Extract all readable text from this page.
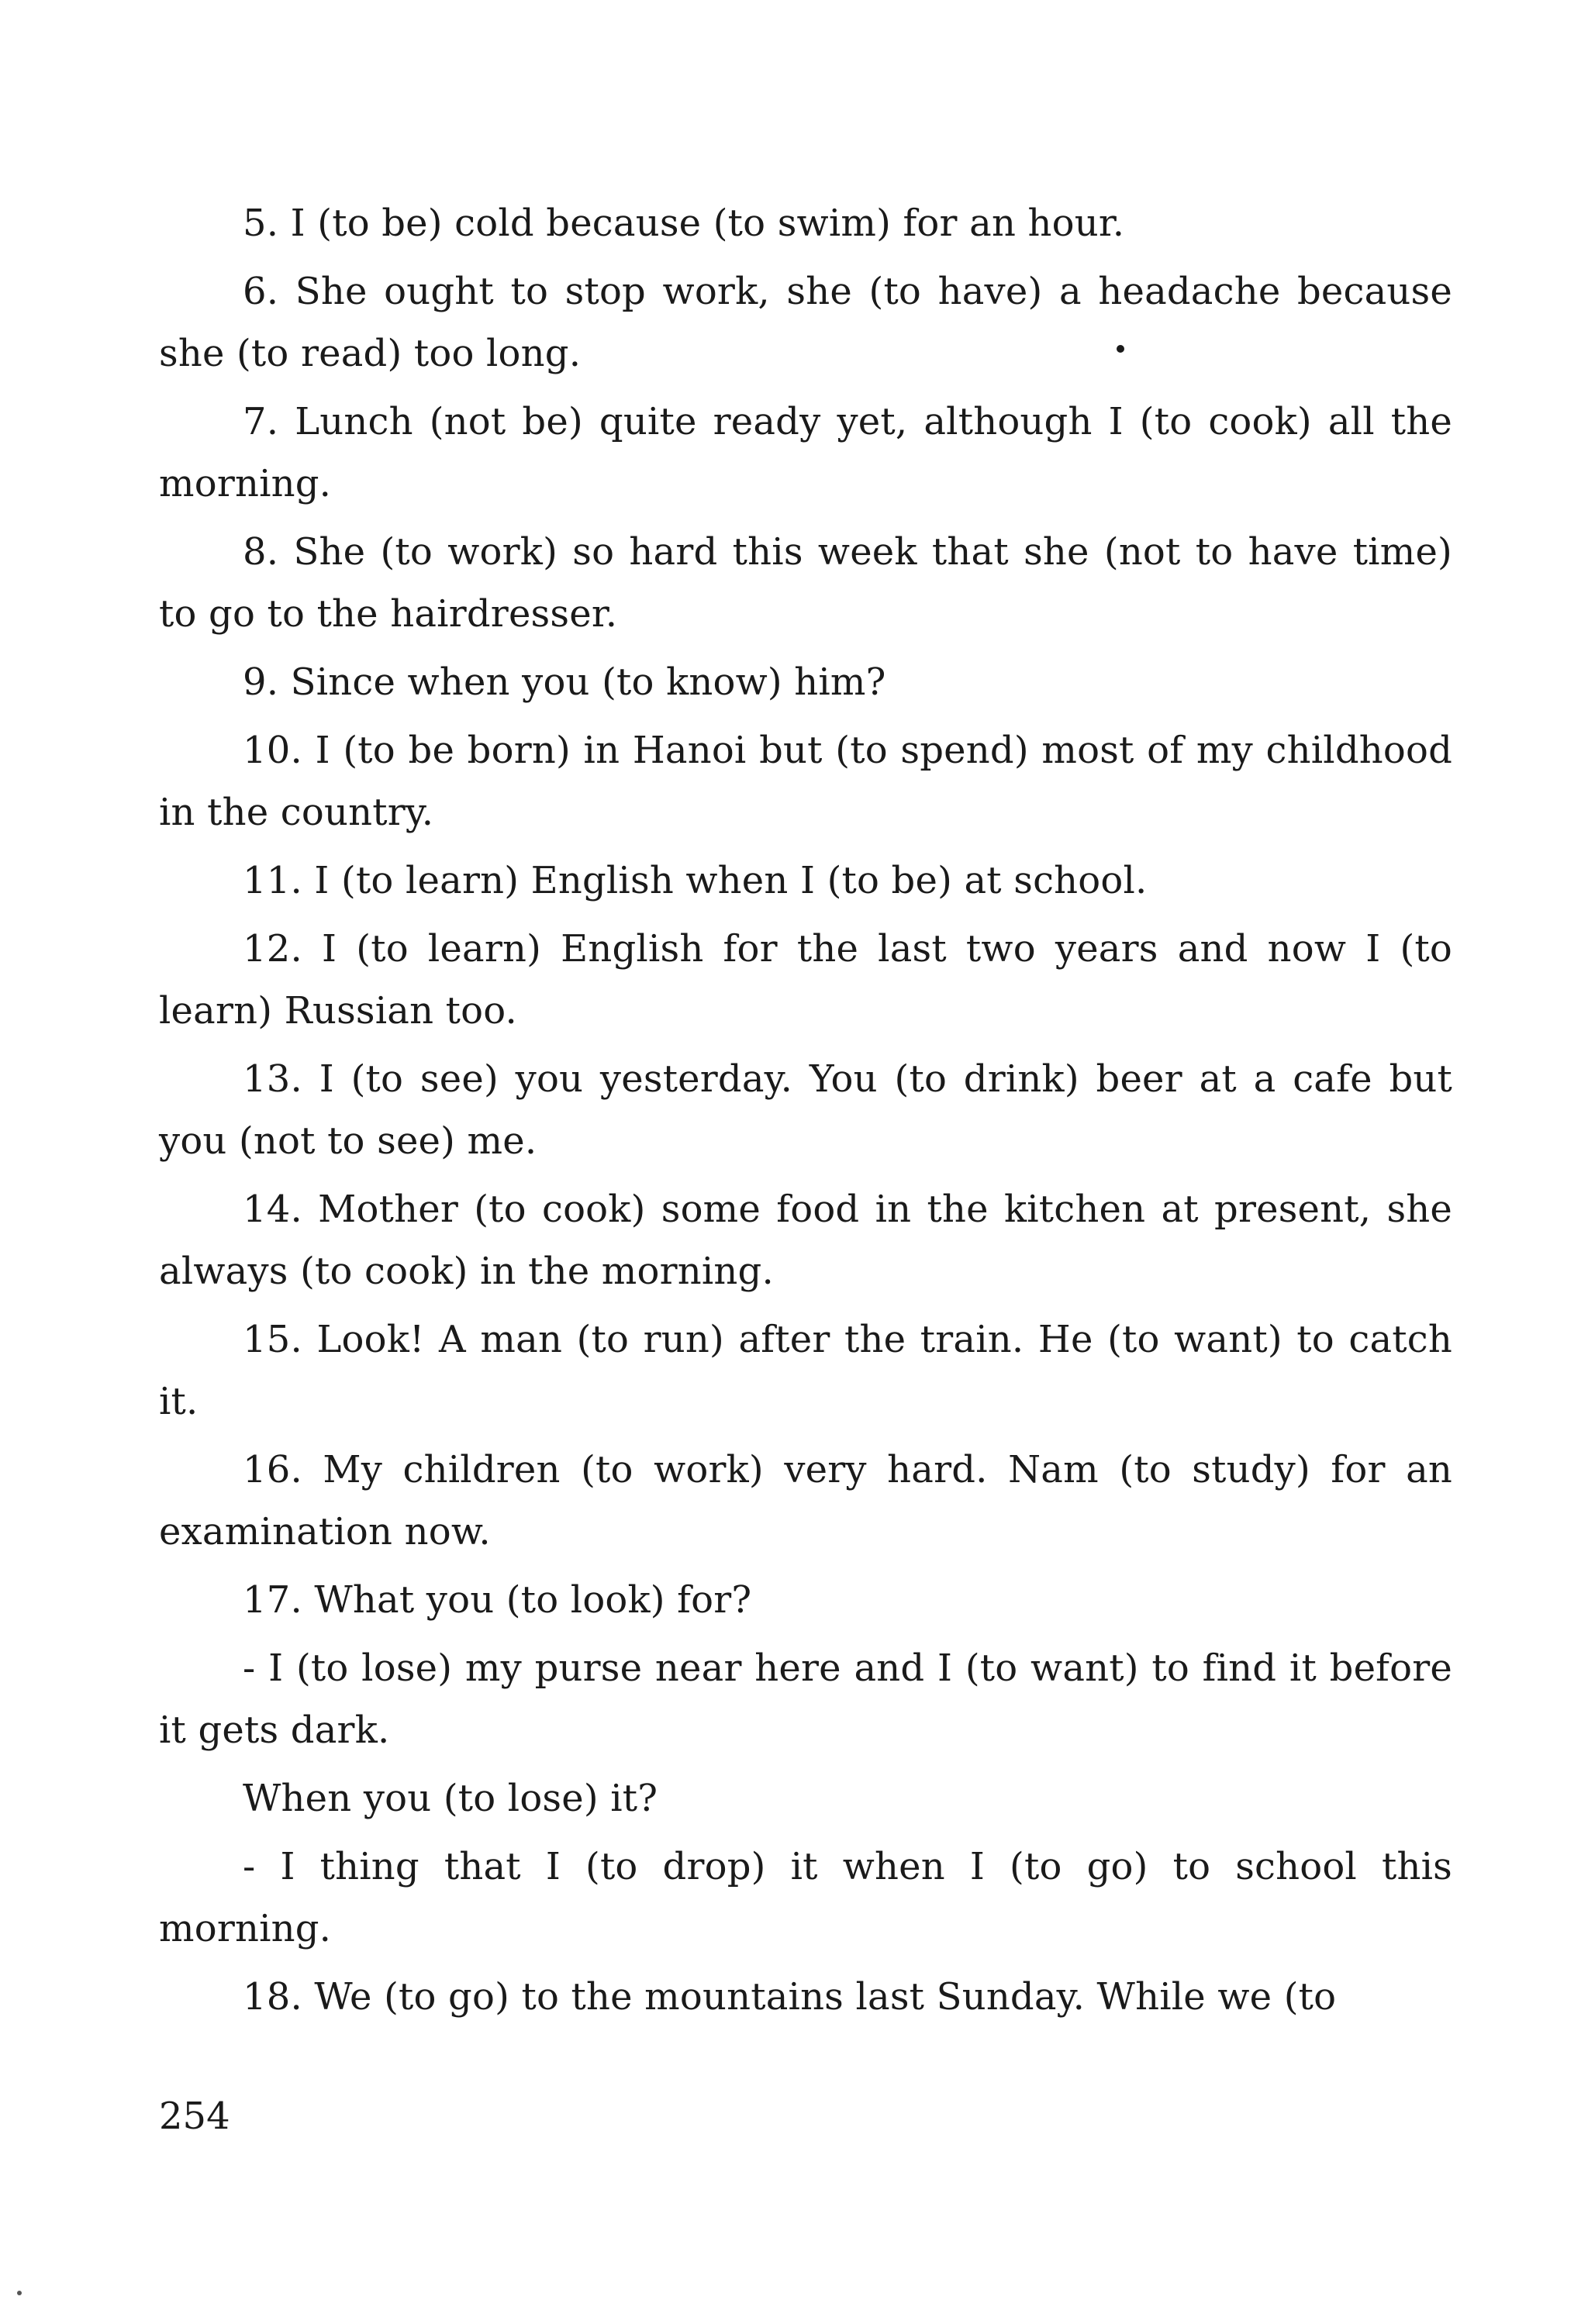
5. I (to be) cold because (to swim) for an hour.

6. She ought to stop work, she (to have) a headache because she (to read) too long.

7. Lunch (not be) quite ready yet, although I (to cook) all the morning.

8. She (to work) so hard this week that she (not to have time) to go to the hairdresser.

9. Since when you (to know) him?

10. I (to be born) in Hanoi but (to spend) most of my childhood in the country.

11. I (to learn) English when I (to be) at school.

12. I (to learn) English for the last two years and now I (to learn) Russian too.

13. I (to see) you yesterday. You (to drink) beer at a cafe but you (not to see) me.

14. Mother (to cook) some food in the kitchen at present, she always (to cook) in the morning.

15. Look! A man (to run) after the train. He (to want) to catch it.

16. My children (to work) very hard. Nam (to study) for an examination now.

17. What you (to look) for?

- I (to lose) my purse near here and I (to want) to find it before it gets dark.

When you (to lose) it?

- I thing that I (to drop) it when I (to go) to school this morning.

18. We (to go) to the mountains last Sunday. While we (to

254
